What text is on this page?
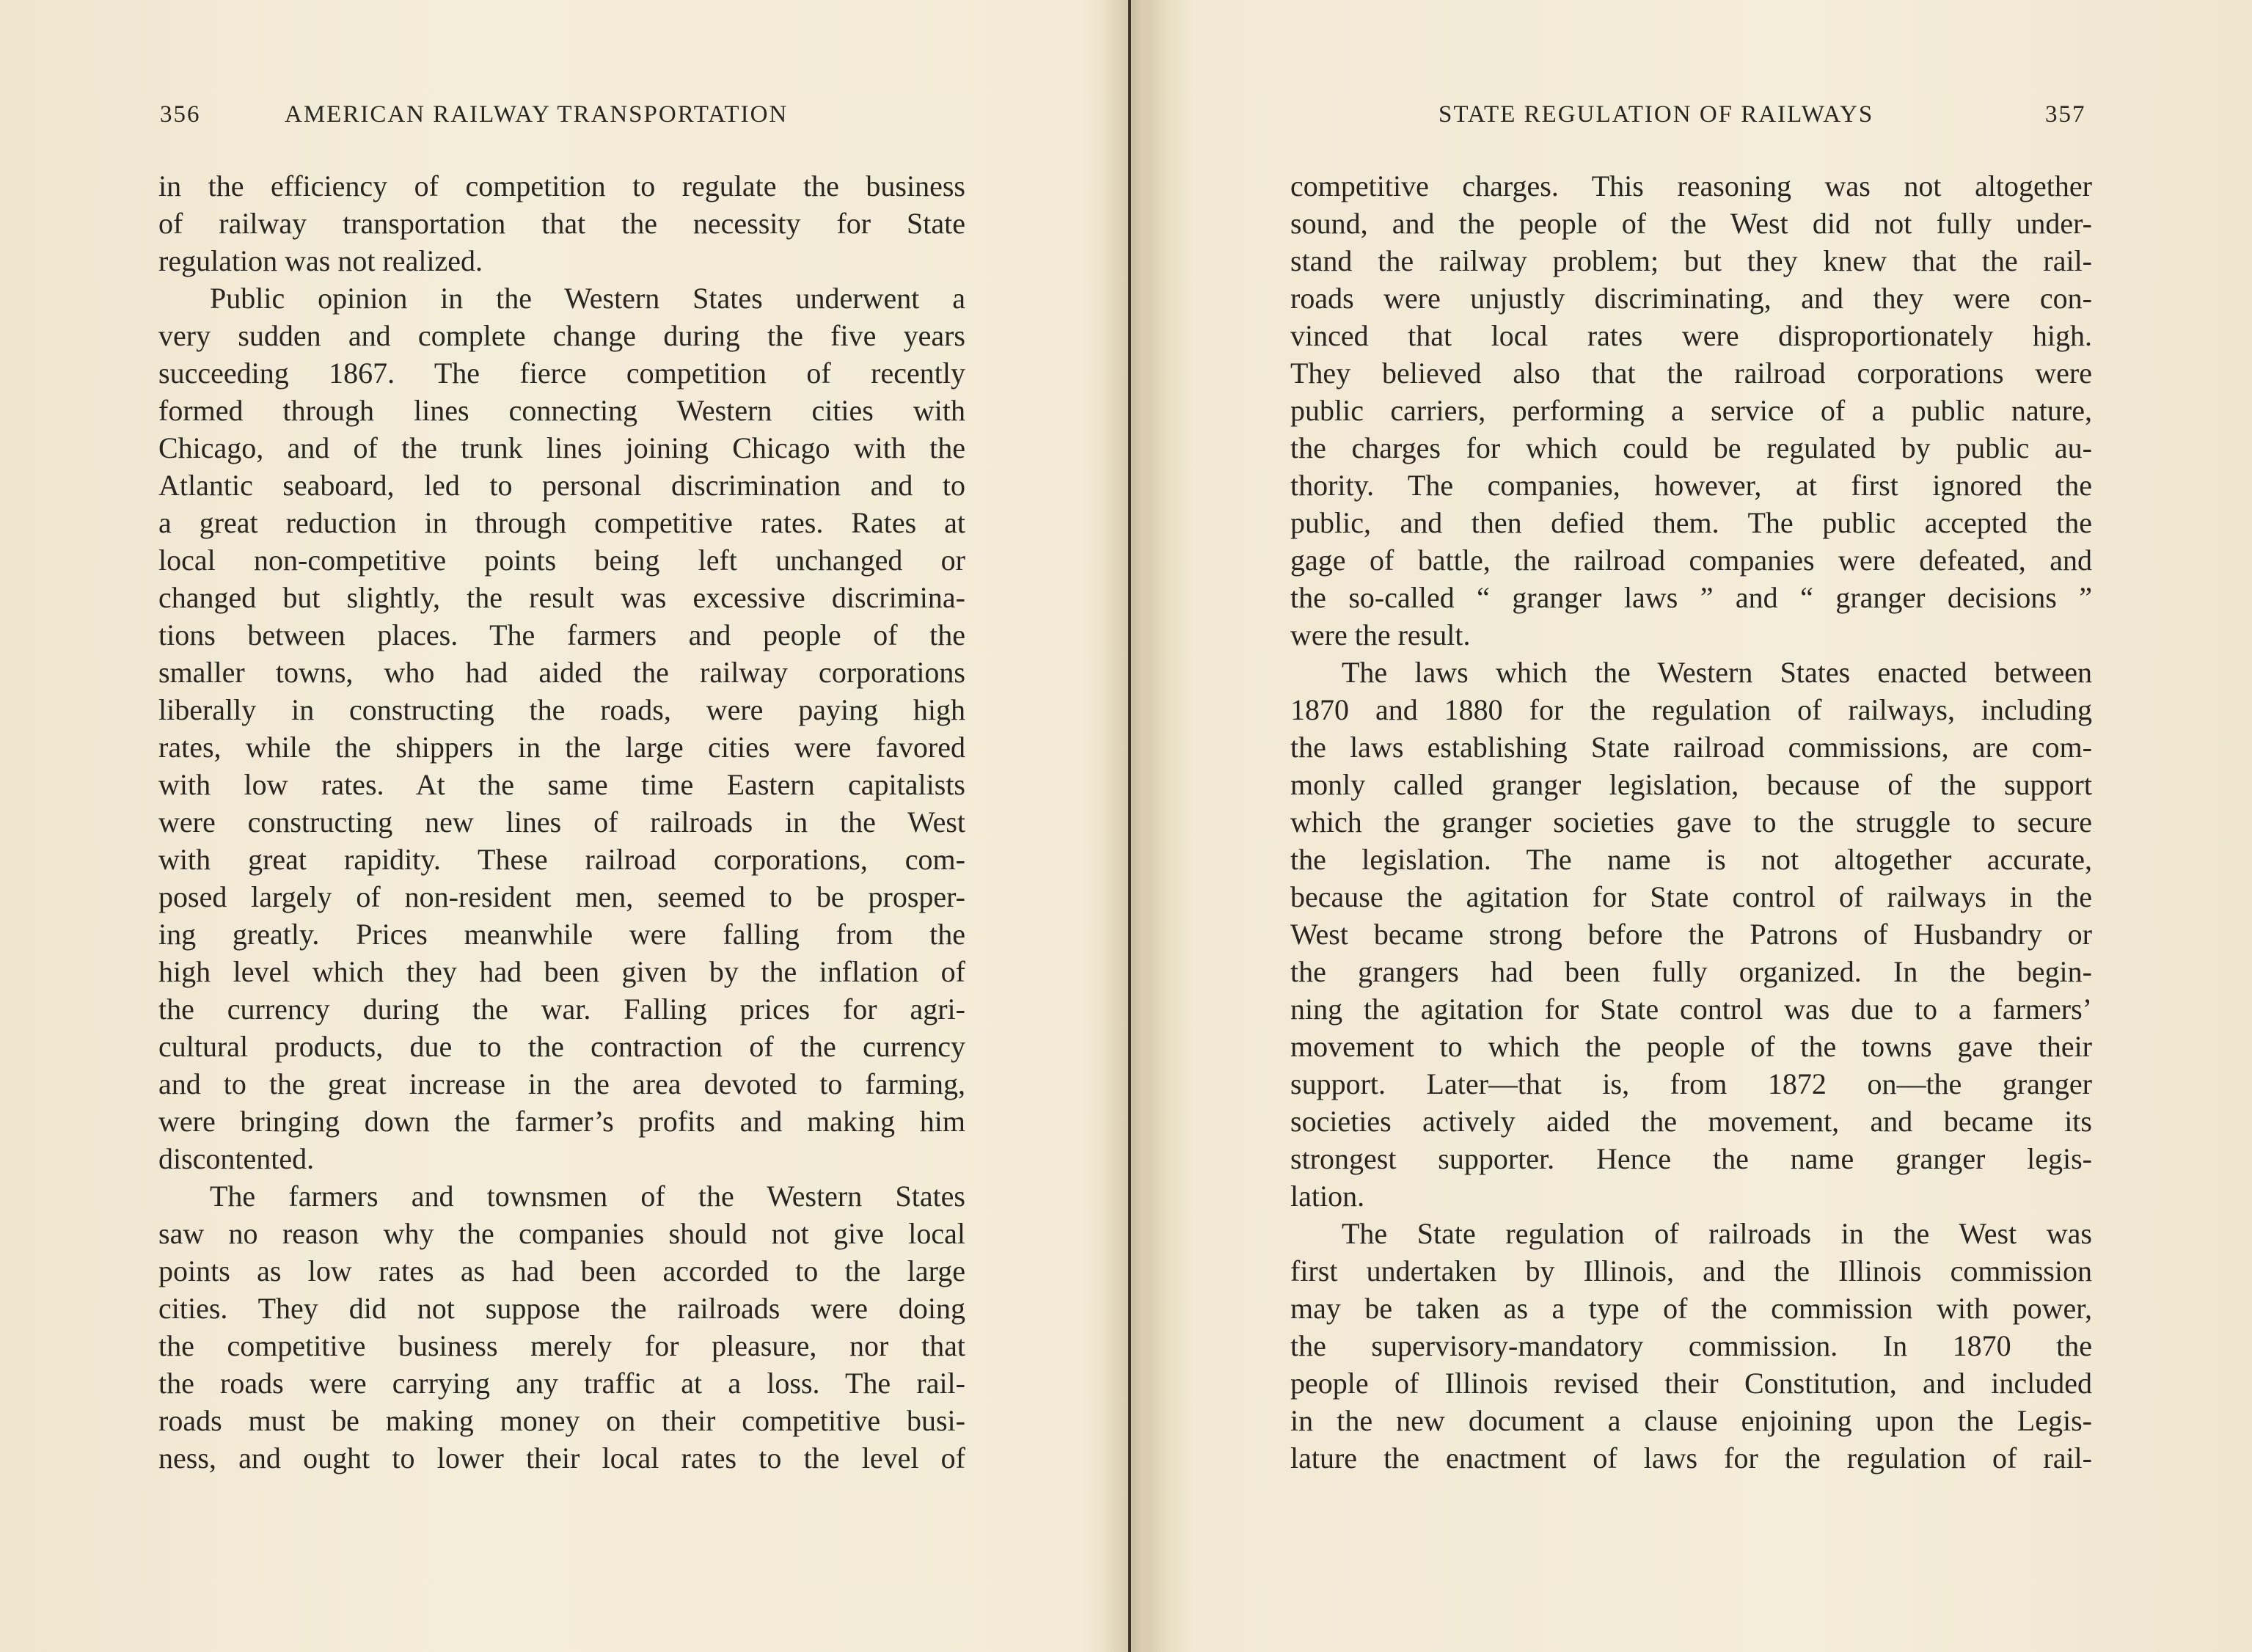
356	AMERICAN RAILWAY TRANSPORTATION
in the efficiency of competition to regulate the business
of railway transportation that the necessity for State
regulation was not realized.
Public opinion in the Western States underwent a
very sudden and complete change during the five years
succeeding 1867. The fierce competition of recently
formed through lines connecting Western cities with
Chicago, and of the trunk lines joining Chicago with the
Atlantic seaboard, led to personal discrimination and to
a great reduction in through competitive rates. Rates at
local non-competitive points being left unchanged or
changed but slightly, the result was excessive discrimina-
tions between places. The farmers and people of the
smaller towns, who had aided the railway corporations
liberally in constructing the roads, were paying high
rates, while the shippers in the large cities were favored
with low rates. At the same time Eastern capitalists
were constructing new lines of railroads in the West
with great rapidity. These railroad corporations, com-
posed largely of non-resident men, seemed to be prosper-
ing greatly. Prices meanwhile were falling from the
high level which they had been given by the inflation of
the currency during the war. Falling prices for agri-
cultural products, due to the contraction of the currency
and to the great increase in the area devoted to farming,
were bringing down the farmer’s profits and making him
discontented.
The farmers and townsmen of the Western States
saw no reason why the companies should not give local
points as low rates as had been accorded to the large
cities. They did not suppose the railroads were doing
the competitive business merely for pleasure, nor that
the roads were carrying any traffic at a loss. The rail-
roads must be making money on their competitive busi-
ness, and ought to lower their local rates to the level of
STATE REGULATION OF RAILWAYS	357
competitive charges. This reasoning was not altogether
sound, and the people of the West did not fully under-
stand the railway problem; but they knew that the rail-
roads were unjustly discriminating, and they were con-
vinced that local rates were disproportionately high.
They believed also that the railroad corporations were
public carriers, performing a service of a public nature,
the charges for which could be regulated by public au-
thority. The companies, however, at first ignored the
public, and then defied them. The public accepted the
gage of battle, the railroad companies were defeated, and
the so-called “ granger laws ” and “ granger decisions ”
were the result.
The laws which the Western States enacted between
1870 and 1880 for the regulation of railways, including
the laws establishing State railroad commissions, are com-
monly called granger legislation, because of the support
which the granger societies gave to the struggle to secure
the legislation. The name is not altogether accurate,
because the agitation for State control of railways in the
West became strong before the Patrons of Husbandry or
the grangers had been fully organized. In the begin-
ning the agitation for State control was due to a farmers’
movement to which the people of the towns gave their
support. Later—that is, from 1872 on—the granger
societies actively aided the movement, and became its
strongest supporter. Hence the name granger legis-
lation.
The State regulation of railroads in the West was
first undertaken by Illinois, and the Illinois commission
may be taken as a type of the commission with power,
the supervisory-mandatory commission. In 1870 the
people of Illinois revised their Constitution, and included
in the new document a clause enjoining upon the Legis-
lature the enactment of laws for the regulation of rail-
